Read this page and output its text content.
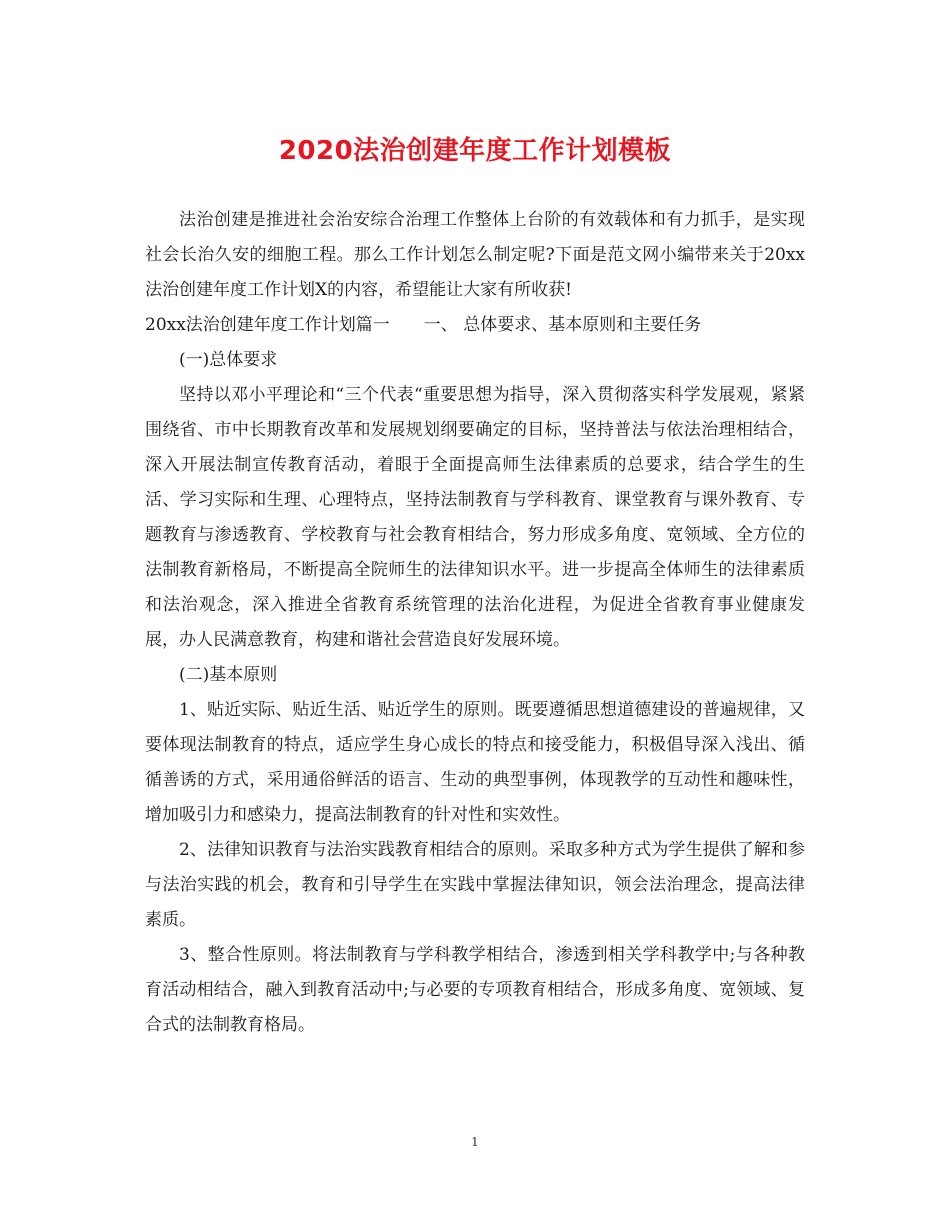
2020法治创建年度工作计划模板

法治创建是推进社会治安综合治理工作整体上台阶的有效载体和有力抓手，是实现社会长治久安的细胞工程。那么工作计划怎么制定呢?下面是范文网小编带来关于20xx法治创建年度工作计划X的内容，希望能让大家有所收获!

20xx法治创建年度工作计划篇一　　一、 总体要求、基本原则和主要任务

(一)总体要求

坚持以邓小平理论和“三个代表“重要思想为指导，深入贯彻落实科学发展观，紧紧围绕省、市中长期教育改革和发展规划纲要确定的目标，坚持普法与依法治理相结合，深入开展法制宣传教育活动，着眼于全面提高师生法律素质的总要求，结合学生的生活、学习实际和生理、心理特点，坚持法制教育与学科教育、课堂教育与课外教育、专题教育与渗透教育、学校教育与社会教育相结合，努力形成多角度、宽领域、全方位的法制教育新格局，不断提高全院师生的法律知识水平。进一步提高全体师生的法律素质和法治观念，深入推进全省教育系统管理的法治化进程，为促进全省教育事业健康发展，办人民满意教育，构建和谐社会营造良好发展环境。

(二)基本原则

1、贴近实际、贴近生活、贴近学生的原则。既要遵循思想道德建设的普遍规律，又要体现法制教育的特点，适应学生身心成长的特点和接受能力，积极倡导深入浅出、循循善诱的方式，采用通俗鲜活的语言、生动的典型事例，体现教学的互动性和趣味性，增加吸引力和感染力，提高法制教育的针对性和实效性。

2、法律知识教育与法治实践教育相结合的原则。采取多种方式为学生提供了解和参与法治实践的机会，教育和引导学生在实践中掌握法律知识，领会法治理念，提高法律素质。

3、整合性原则。将法制教育与学科教学相结合，渗透到相关学科教学中;与各种教育活动相结合，融入到教育活动中;与必要的专项教育相结合，形成多角度、宽领域、复合式的法制教育格局。

1
